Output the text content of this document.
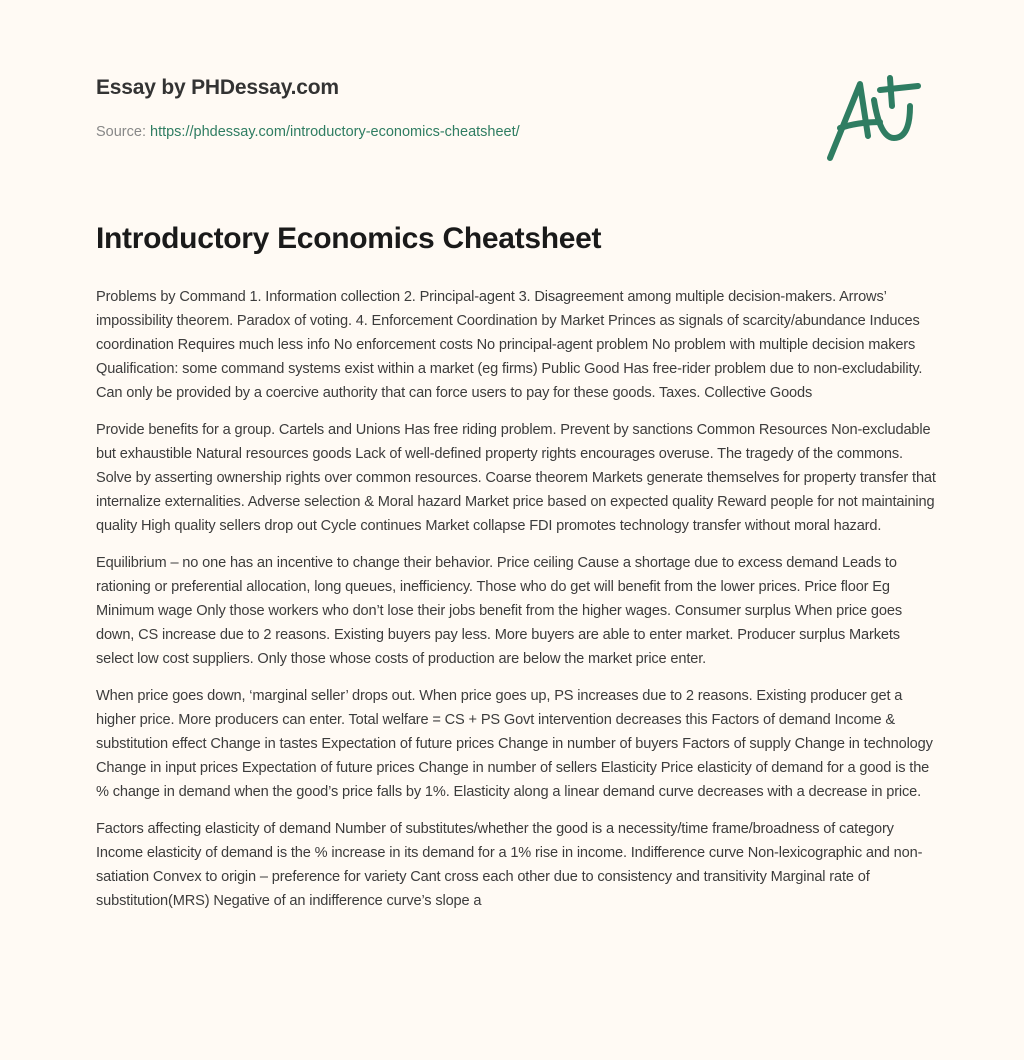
Essay by PHDessay.com
Source: https://phdessay.com/introductory-economics-cheatsheet/
Introductory Economics Cheatsheet

Problems by Command 1. Information collection 2. Principal-agent 3. Disagreement among multiple decision-makers. Arrows’ impossibility theorem. Paradox of voting. 4. Enforcement Coordination by Market Princes as signals of scarcity/abundance Induces coordination Requires much less info No enforcement costs No principal-agent problem No problem with multiple decision makers Qualification: some command systems exist within a market (eg firms) Public Good Has free-rider problem due to non-excludability. Can only be provided by a coercive authority that can force users to pay for these goods. Taxes. Collective Goods

Provide benefits for a group. Cartels and Unions Has free riding problem. Prevent by sanctions Common Resources Non-excludable but exhaustible Natural resources goods Lack of well-defined property rights encourages overuse. The tragedy of the commons. Solve by asserting ownership rights over common resources. Coarse theorem Markets generate themselves for property transfer that internalize externalities. Adverse selection & Moral hazard Market price based on expected quality Reward people for not maintaining quality High quality sellers drop out Cycle continues Market collapse FDI promotes technology transfer without moral hazard.

Equilibrium – no one has an incentive to change their behavior. Price ceiling Cause a shortage due to excess demand Leads to rationing or preferential allocation, long queues, inefficiency. Those who do get will benefit from the lower prices. Price floor Eg Minimum wage Only those workers who don’t lose their jobs benefit from the higher wages. Consumer surplus When price goes down, CS increase due to 2 reasons. Existing buyers pay less. More buyers are able to enter market. Producer surplus Markets select low cost suppliers. Only those whose costs of production are below the market price enter.

When price goes down, ‘marginal seller’ drops out. When price goes up, PS increases due to 2 reasons. Existing producer get a higher price. More producers can enter. Total welfare = CS + PS Govt intervention decreases this Factors of demand Income & substitution effect Change in tastes Expectation of future prices Change in number of buyers Factors of supply Change in technology Change in input prices Expectation of future prices Change in number of sellers Elasticity Price elasticity of demand for a good is the % change in demand when the good’s price falls by 1%. Elasticity along a linear demand curve decreases with a decrease in price.

Factors affecting elasticity of demand Number of substitutes/whether the good is a necessity/time frame/broadness of category Income elasticity of demand is the % increase in its demand for a 1% rise in income. Indifference curve Non-lexicographic and non-satiation Convex to origin – preference for variety Cant cross each other due to consistency and transitivity Marginal rate of substitution(MRS) Negative of an indifference curve’s slope a
